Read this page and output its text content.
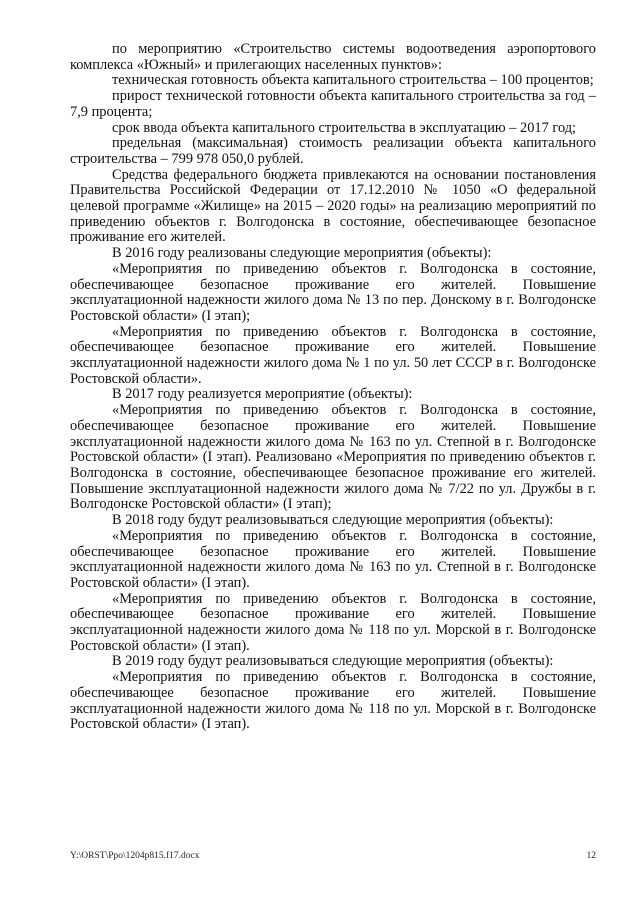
по мероприятию «Строительство системы водоотведения аэропортового комплекса «Южный» и прилегающих населенных пунктов»:

техническая готовность объекта капитального строительства – 100 процентов;

прирост технической готовности объекта капитального строительства за год – 7,9 процента;

срок ввода объекта капитального строительства в эксплуатацию – 2017 год;

предельная (максимальная) стоимость реализации объекта капитального строительства – 799 978 050,0 рублей.

Средства федерального бюджета привлекаются на основании постановления Правительства Российской Федерации от 17.12.2010 № 1050 «О федеральной целевой программе «Жилище» на 2015 – 2020 годы» на реализацию мероприятий по приведению объектов г. Волгодонска в состояние, обеспечивающее безопасное проживание его жителей.

В 2016 году реализованы следующие мероприятия (объекты):

«Мероприятия по приведению объектов г. Волгодонска в состояние, обеспечивающее безопасное проживание его жителей. Повышение эксплуатационной надежности жилого дома № 13 по пер. Донскому в г. Волгодонске Ростовской области» (I этап);

«Мероприятия по приведению объектов г. Волгодонска в состояние, обеспечивающее безопасное проживание его жителей. Повышение эксплуатационной надежности жилого дома № 1 по ул. 50 лет СССР в г. Волгодонске Ростовской области».

В 2017 году реализуется мероприятие (объекты):

«Мероприятия по приведению объектов г. Волгодонска в состояние, обеспечивающее безопасное проживание его жителей. Повышение эксплуатационной надежности жилого дома № 163 по ул. Степной в г. Волгодонске Ростовской области» (I этап). Реализовано «Мероприятия по приведению объектов г. Волгодонска в состояние, обеспечивающее безопасное проживание его жителей. Повышение эксплуатационной надежности жилого дома № 7/22 по ул. Дружбы в г. Волгодонске Ростовской области» (I этап);

В 2018 году будут реализовываться следующие мероприятия (объекты):

«Мероприятия по приведению объектов г. Волгодонска в состояние, обеспечивающее безопасное проживание его жителей. Повышение эксплуатационной надежности жилого дома № 163 по ул. Степной в г. Волгодонске Ростовской области» (I этап).

«Мероприятия по приведению объектов г. Волгодонска в состояние, обеспечивающее безопасное проживание его жителей. Повышение эксплуатационной надежности жилого дома № 118 по ул. Морской в г. Волгодонске Ростовской области» (I этап).

В 2019 году будут реализовываться следующие мероприятия (объекты):

«Мероприятия по приведению объектов г. Волгодонска в состояние, обеспечивающее безопасное проживание его жителей. Повышение эксплуатационной надежности жилого дома № 118 по ул. Морской в г. Волгодонске Ростовской области» (I этап).

Y:\ORST\Ppo\1204p815.f17.docx	12
